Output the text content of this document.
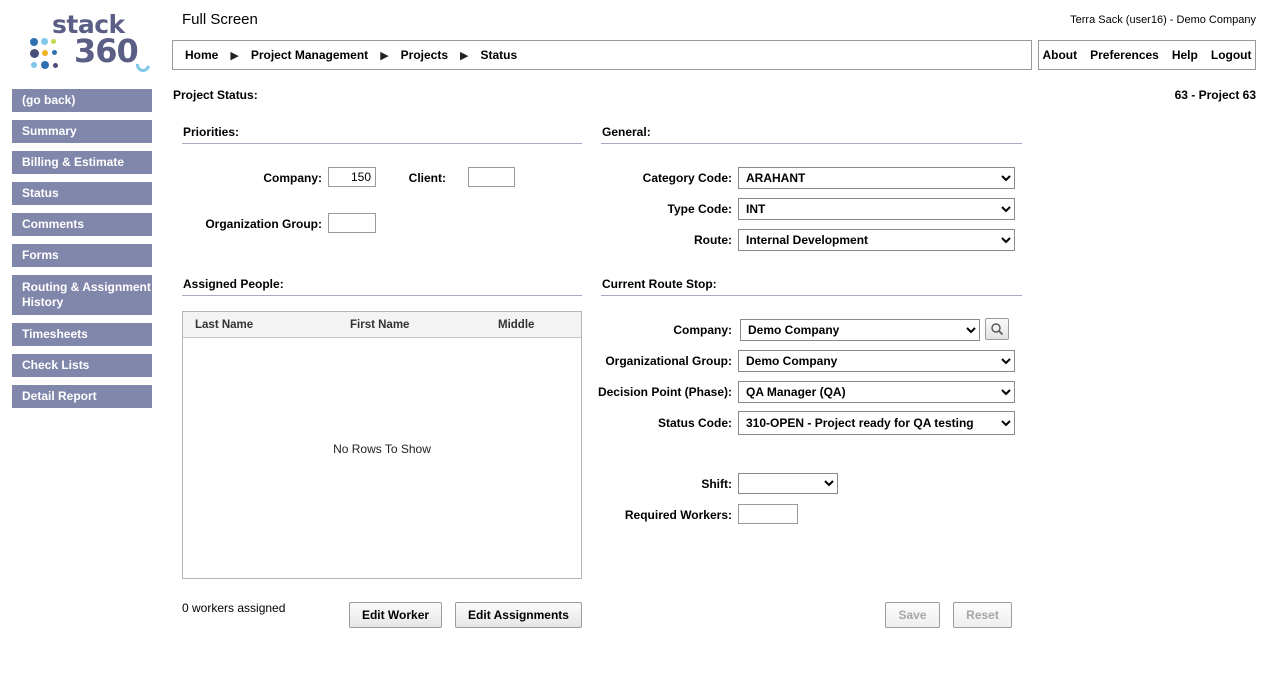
stack
360
(go back)
Summary
Billing & Estimate
Status
Comments
Forms
Routing & Assignment History
Timesheets
Check Lists
Detail Report
Full Screen	Terra Sack (user16) - Demo Company
Home ▶ Project Management ▶ Projects ▶ Status	About Preferences Help Logout
Project Status:	63 - Project 63
Priorities:
Company:
150	Client:
Organization Group:
General:
Category Code:
ARAHANT
Type Code:
INT
Route:
Internal Development
Assigned People:
Last Name	First Name	Middle
No Rows To Show
0 workers assigned	Edit Worker	Edit Assignments
Current Route Stop:
Company:
Demo Company
Organizational Group:
Demo Company
Decision Point (Phase):
QA Manager (QA)
Status Code:
310-OPEN - Project ready for QA testing
Shift:
Required Workers:
Save	Reset
